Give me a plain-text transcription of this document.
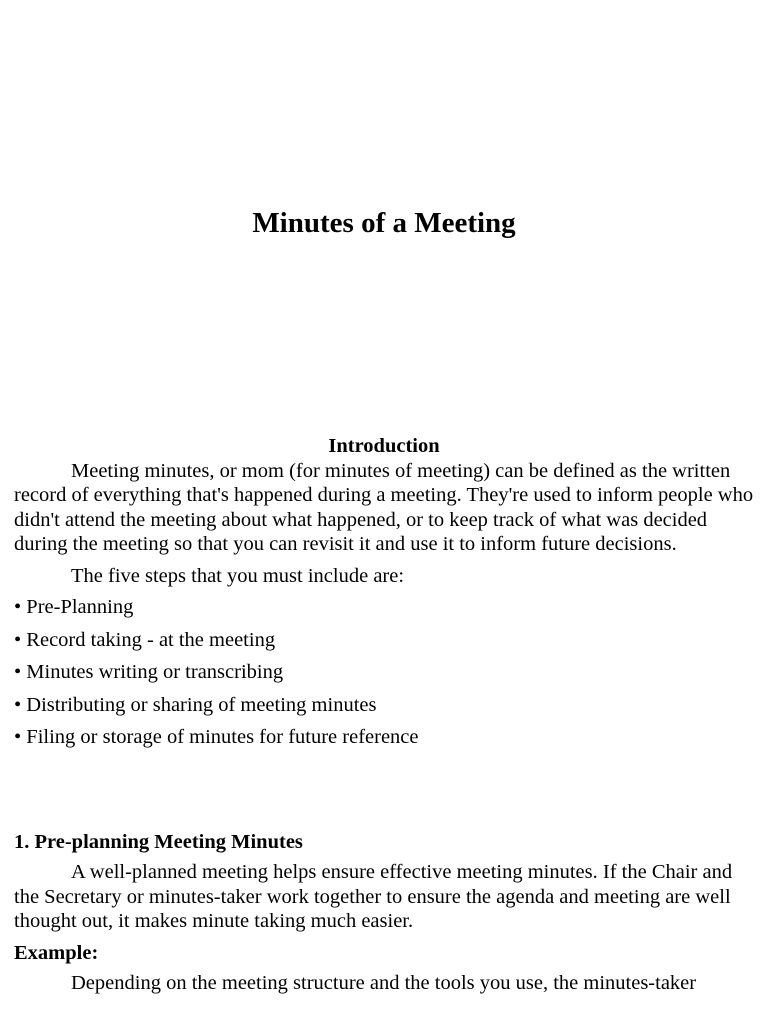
Minutes of a Meeting

Introduction

Meeting minutes, or mom (for minutes of meeting) can be defined as the written record of everything that's happened during a meeting. They're used to inform people who didn't attend the meeting about what happened, or to keep track of what was decided during the meeting so that you can revisit it and use it to inform future decisions.

The five steps that you must include are:

• Pre-Planning
• Record taking - at the meeting
• Minutes writing or transcribing
• Distributing or sharing of meeting minutes
• Filing or storage of minutes for future reference

1. Pre-planning Meeting Minutes

A well-planned meeting helps ensure effective meeting minutes. If the Chair and the Secretary or minutes-taker work together to ensure the agenda and meeting are well thought out, it makes minute taking much easier.

Example:

Depending on the meeting structure and the tools you use, the minutes-taker
